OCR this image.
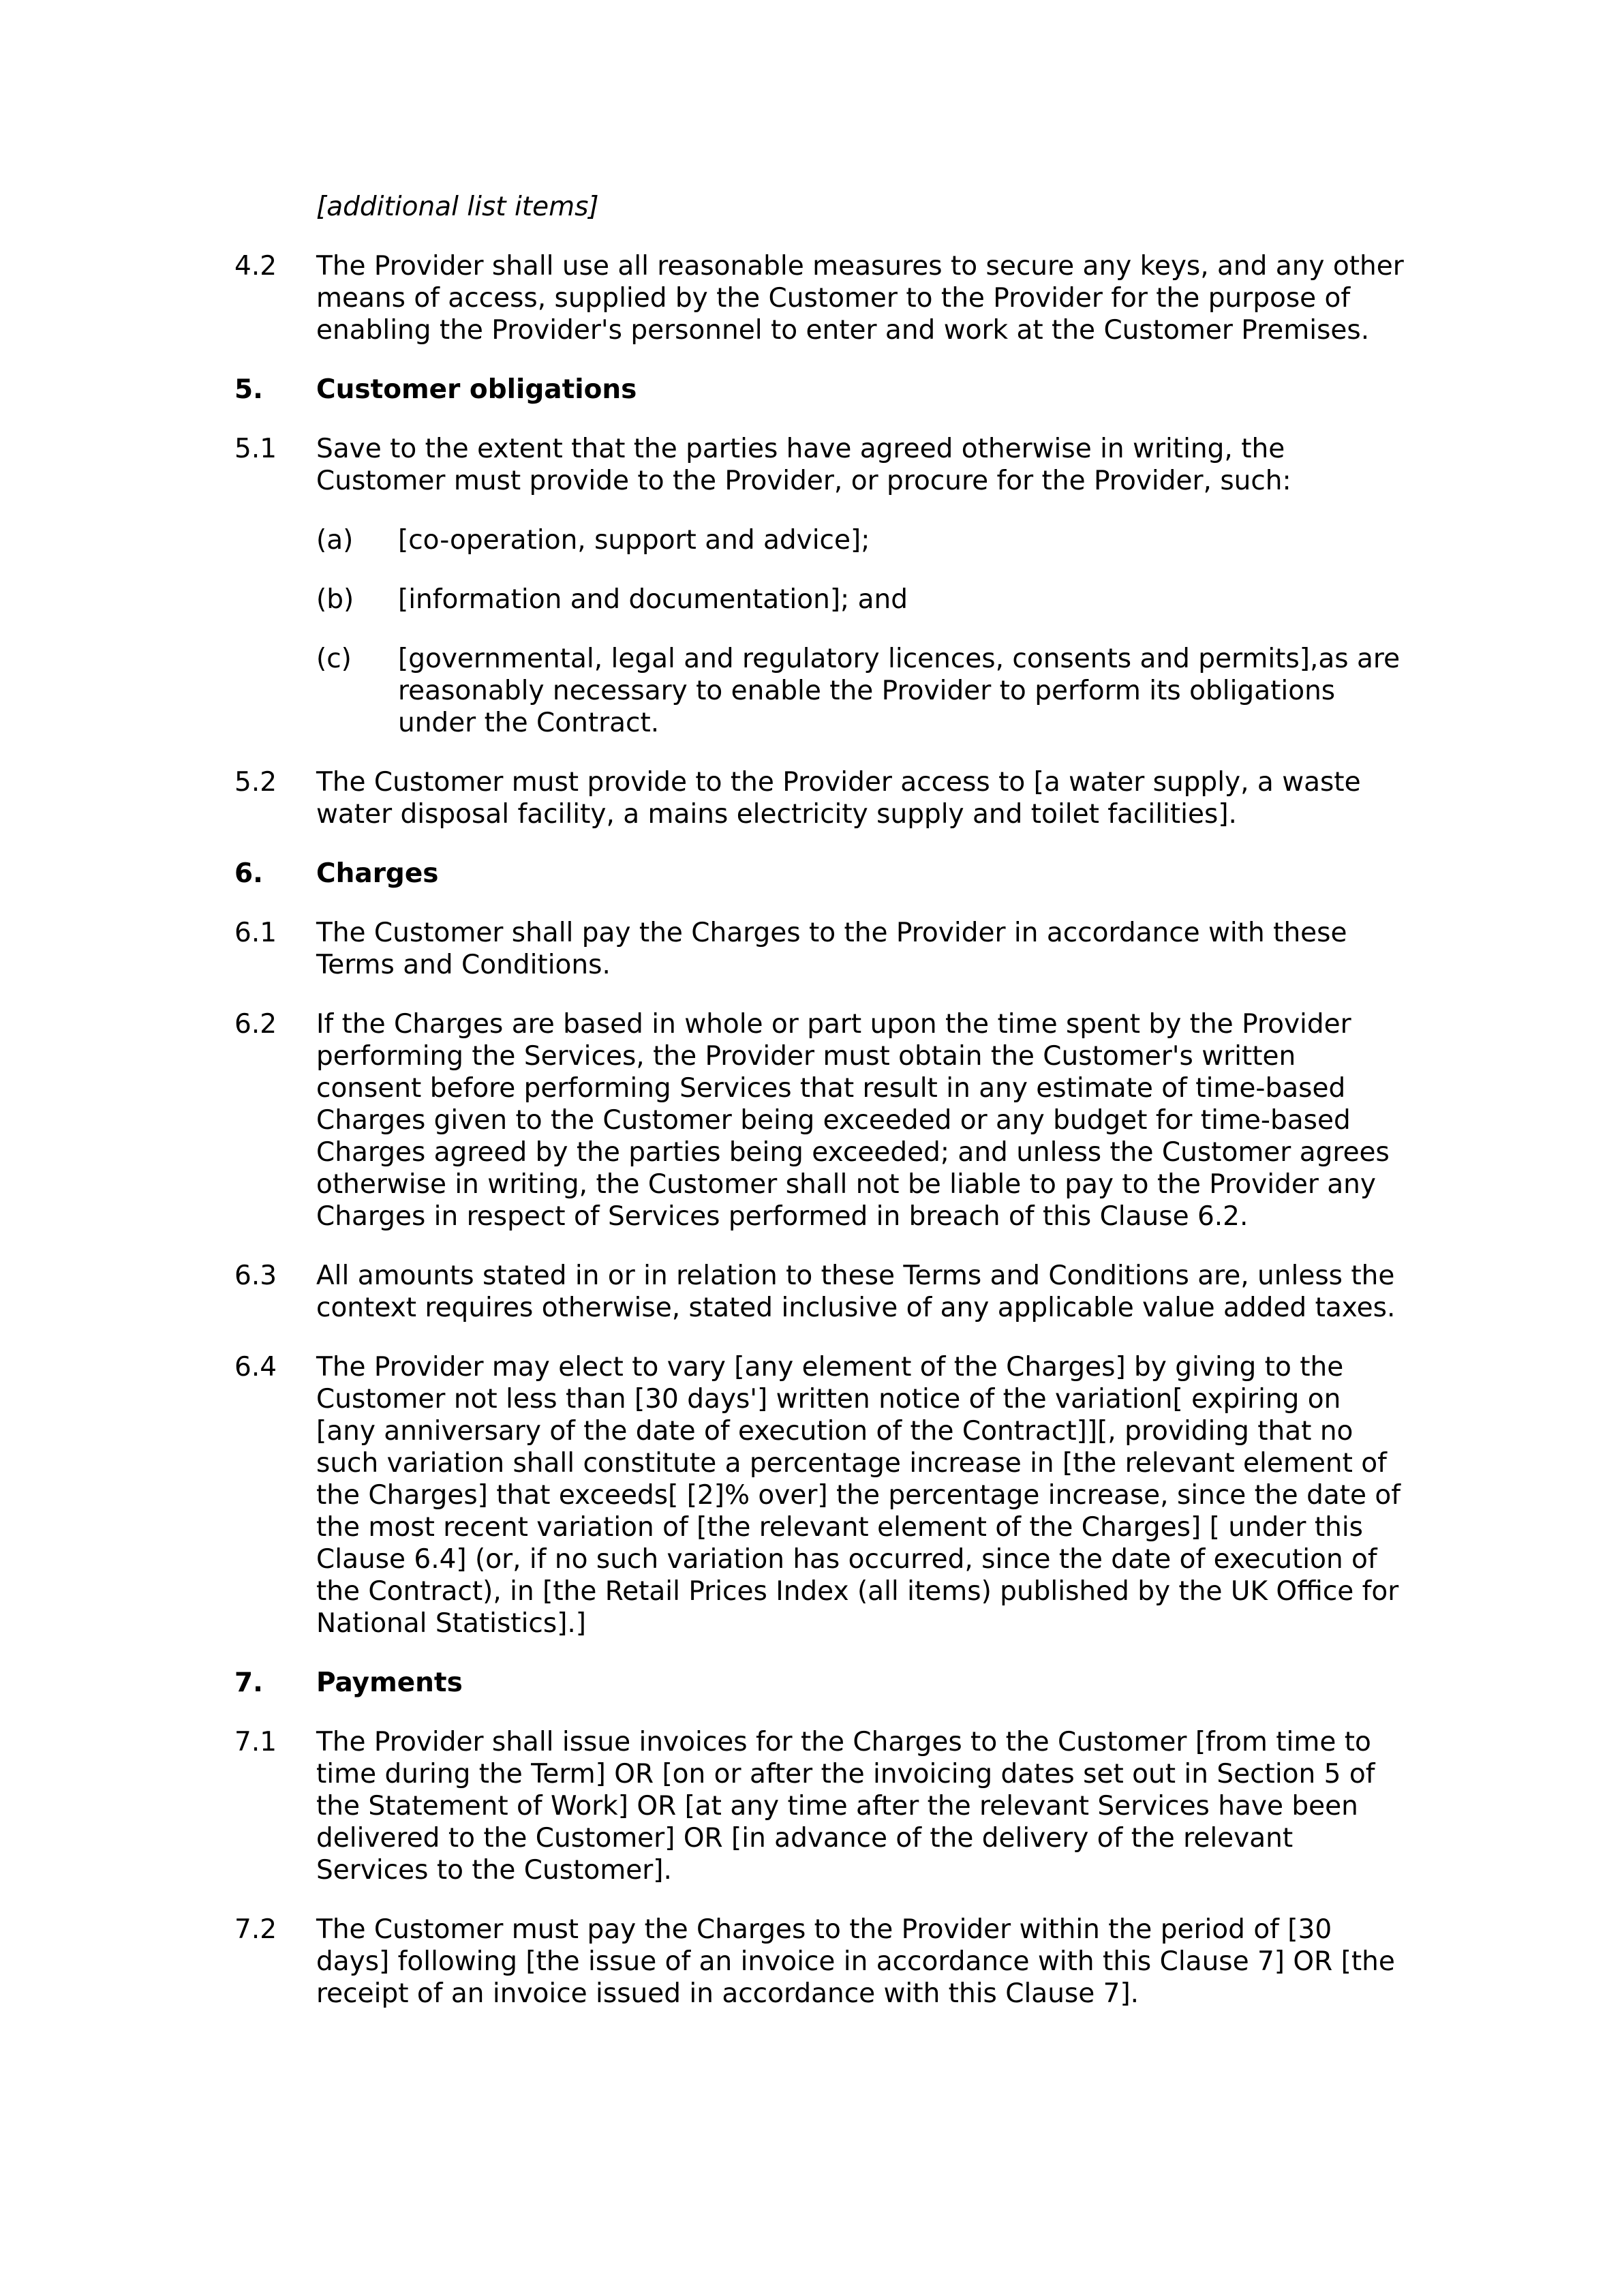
[additional list items]
4.2	The Provider shall use all reasonable measures to secure any keys, and any other means of access, supplied by the Customer to the Provider for the purpose of enabling the Provider's personnel to enter and work at the Customer Premises.
5.	Customer obligations
5.1	Save to the extent that the parties have agreed otherwise in writing, the Customer must provide to the Provider, or procure for the Provider, such:
(a)	[co-operation, support and advice];
(b)	[information and documentation]; and
(c)	[governmental, legal and regulatory licences, consents and permits],as are reasonably necessary to enable the Provider to perform its obligations under the Contract.
5.2	The Customer must provide to the Provider access to [a water supply, a waste water disposal facility, a mains electricity supply and toilet facilities].
6.	Charges
6.1	The Customer shall pay the Charges to the Provider in accordance with these Terms and Conditions.
6.2	If the Charges are based in whole or part upon the time spent by the Provider performing the Services, the Provider must obtain the Customer's written consent before performing Services that result in any estimate of time-based Charges given to the Customer being exceeded or any budget for time-based Charges agreed by the parties being exceeded; and unless the Customer agrees otherwise in writing, the Customer shall not be liable to pay to the Provider any Charges in respect of Services performed in breach of this Clause 6.2.
6.3	All amounts stated in or in relation to these Terms and Conditions are, unless the context requires otherwise, stated inclusive of any applicable value added taxes.
6.4	The Provider may elect to vary [any element of the Charges] by giving to the Customer not less than [30 days'] written notice of the variation[ expiring on [any anniversary of the date of execution of the Contract]][, providing that no such variation shall constitute a percentage increase in [the relevant element of the Charges] that exceeds[ [2]% over] the percentage increase, since the date of the most recent variation of [the relevant element of the Charges] [ under this Clause 6.4] (or, if no such variation has occurred, since the date of execution of the Contract), in [the Retail Prices Index (all items) published by the UK Office for National Statistics].]
7.	Payments
7.1	The Provider shall issue invoices for the Charges to the Customer [from time to time during the Term] OR [on or after the invoicing dates set out in Section 5 of the Statement of Work] OR [at any time after the relevant Services have been delivered to the Customer] OR [in advance of the delivery of the relevant Services to the Customer].
7.2	The Customer must pay the Charges to the Provider within the period of [30 days] following [the issue of an invoice in accordance with this Clause 7] OR [the receipt of an invoice issued in accordance with this Clause 7].
